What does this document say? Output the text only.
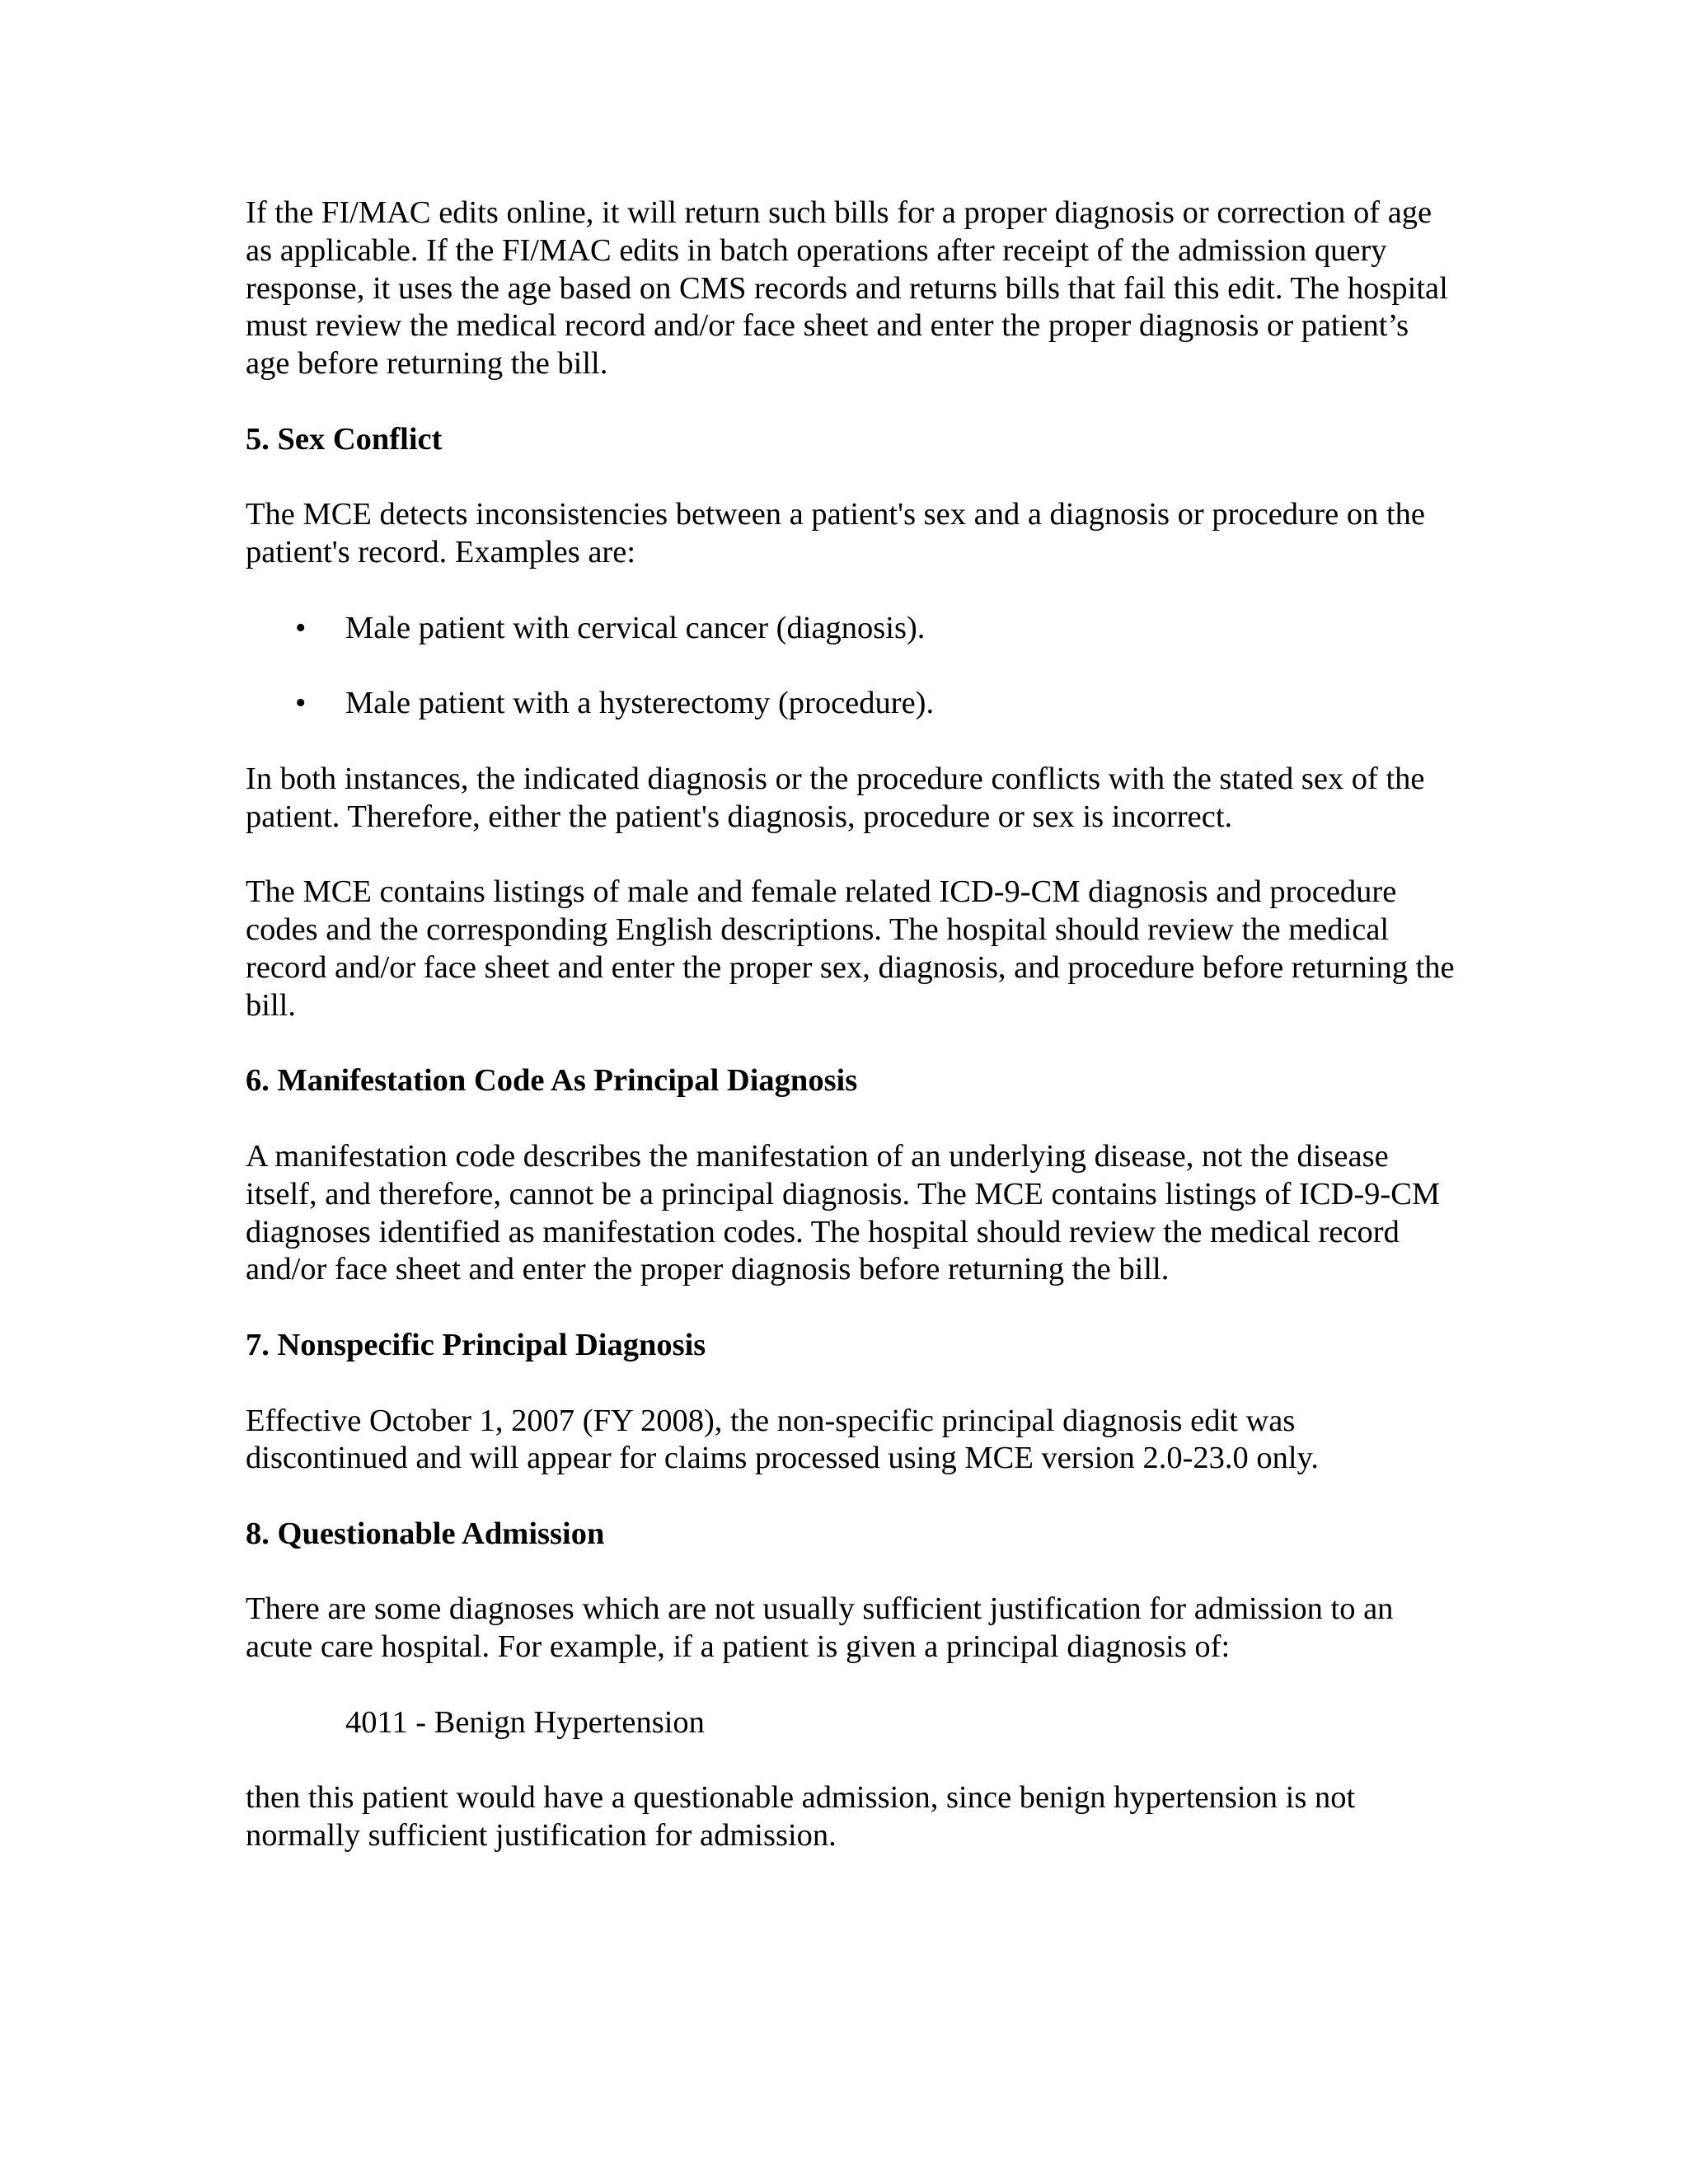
If the FI/MAC edits online, it will return such bills for a proper diagnosis or correction of age as applicable. If the FI/MAC edits in batch operations after receipt of the admission query response, it uses the age based on CMS records and returns bills that fail this edit. The hospital must review the medical record and/or face sheet and enter the proper diagnosis or patient’s age before returning the bill.

5. Sex Conflict

The MCE detects inconsistencies between a patient's sex and a diagnosis or procedure on the patient's record. Examples are:

• Male patient with cervical cancer (diagnosis).
• Male patient with a hysterectomy (procedure).

In both instances, the indicated diagnosis or the procedure conflicts with the stated sex of the patient. Therefore, either the patient's diagnosis, procedure or sex is incorrect.

The MCE contains listings of male and female related ICD-9-CM diagnosis and procedure codes and the corresponding English descriptions. The hospital should review the medical record and/or face sheet and enter the proper sex, diagnosis, and procedure before returning the bill.

6. Manifestation Code As Principal Diagnosis

A manifestation code describes the manifestation of an underlying disease, not the disease itself, and therefore, cannot be a principal diagnosis. The MCE contains listings of ICD-9-CM diagnoses identified as manifestation codes. The hospital should review the medical record and/or face sheet and enter the proper diagnosis before returning the bill.

7. Nonspecific Principal Diagnosis

Effective October 1, 2007 (FY 2008), the non-specific principal diagnosis edit was discontinued and will appear for claims processed using MCE version 2.0-23.0 only.

8. Questionable Admission

There are some diagnoses which are not usually sufficient justification for admission to an acute care hospital. For example, if a patient is given a principal diagnosis of:

4011 - Benign Hypertension

then this patient would have a questionable admission, since benign hypertension is not normally sufficient justification for admission.
